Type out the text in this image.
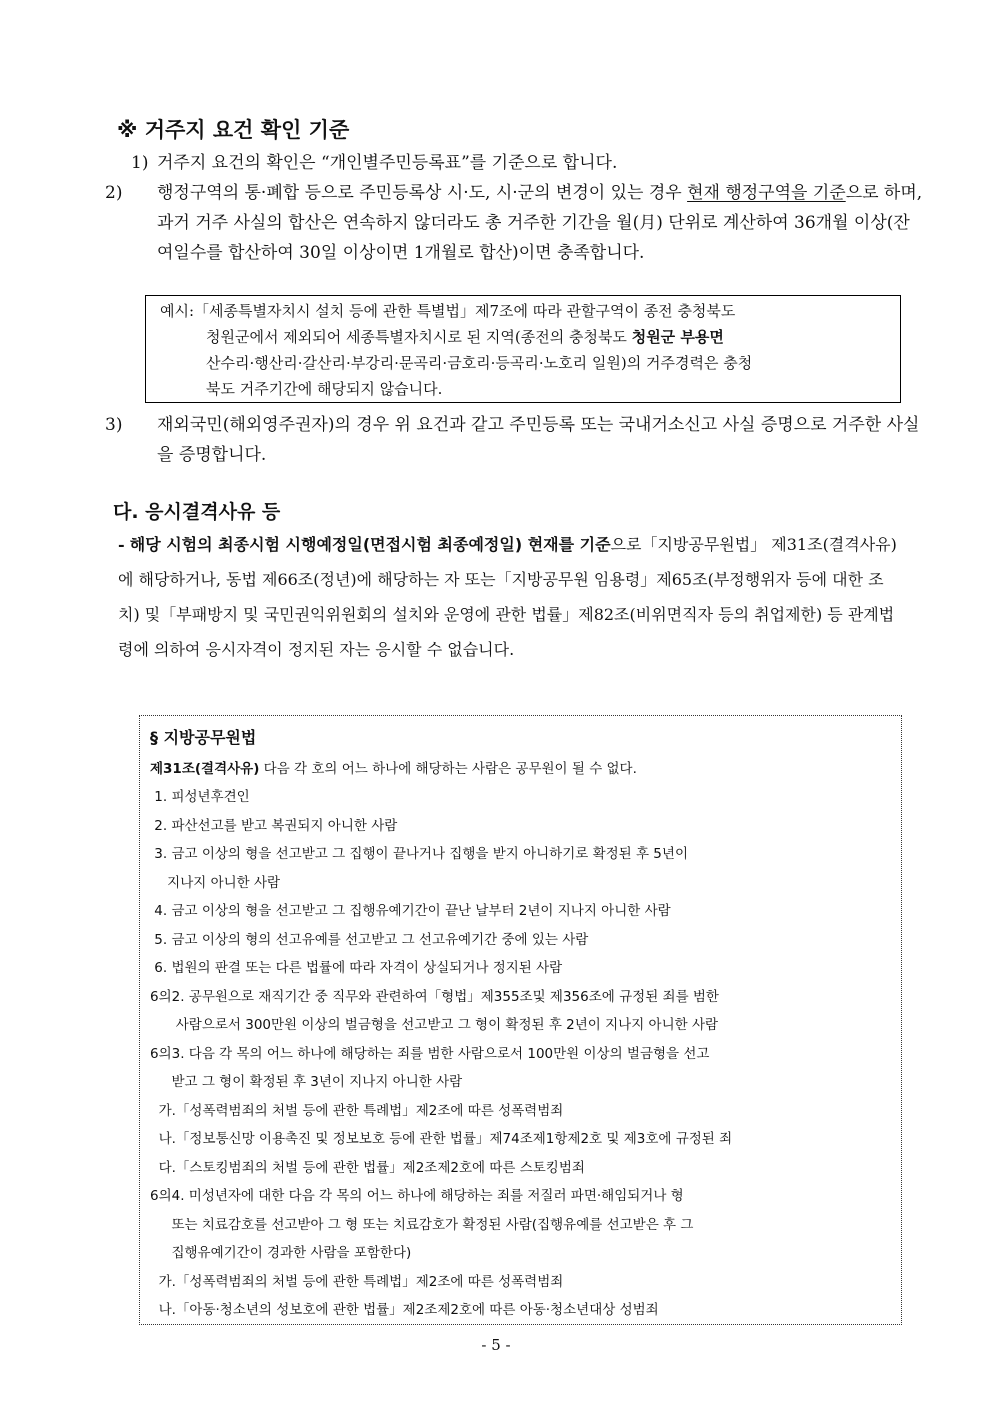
※ 거주지 요건 확인 기준
1) 거주지 요건의 확인은 “개인별주민등록표”를 기준으로 합니다.
2) 행정구역의 통·폐합 등으로 주민등록상 시·도, 시·군의 변경이 있는 경우 현재 행정구역을 기준으로 하며, 과거 거주 사실의 합산은 연속하지 않더라도 총 거주한 기간을 월(月) 단위로 계산하여 36개월 이상(잔여일수를 합산하여 30일 이상이면 1개월로 합산)이면 충족합니다.
예시:「세종특별자치시 설치 등에 관한 특별법」제7조에 따라 관할구역이 종전 충청북도
청원군에서 제외되어 세종특별자치시로 된 지역(종전의 충청북도 청원군 부용면
산수리·행산리·갈산리·부강리·문곡리·금호리·등곡리·노호리 일원)의 거주경력은 충청
북도 거주기간에 해당되지 않습니다.
3) 재외국민(해외영주권자)의 경우 위 요건과 같고 주민등록 또는 국내거소신고 사실 증명으로 거주한 사실을 증명합니다.
다. 응시결격사유 등
- 해당 시험의 최종시험 시행예정일(면접시험 최종예정일) 현재를 기준으로「지방공무원법」 제31조(결격사유)에 해당하거나, 동법 제66조(정년)에 해당하는 자 또는「지방공무원 임용령」제65조(부정행위자 등에 대한 조치) 및「부패방지 및 국민권익위원회의 설치와 운영에 관한 법률」제82조(비위면직자 등의 취업제한) 등 관계법령에 의하여 응시자격이 정지된 자는 응시할 수 없습니다.
§ 지방공무원법
제31조(결격사유) 다음 각 호의 어느 하나에 해당하는 사람은 공무원이 될 수 없다.
1. 피성년후견인
2. 파산선고를 받고 복권되지 아니한 사람
3. 금고 이상의 형을 선고받고 그 집행이 끝나거나 집행을 받지 아니하기로 확정된 후 5년이
지나지 아니한 사람
4. 금고 이상의 형을 선고받고 그 집행유예기간이 끝난 날부터 2년이 지나지 아니한 사람
5. 금고 이상의 형의 선고유예를 선고받고 그 선고유예기간 중에 있는 사람
6. 법원의 판결 또는 다른 법률에 따라 자격이 상실되거나 정지된 사람
6의2. 공무원으로 재직기간 중 직무와 관련하여「형법」제355조및 제356조에 규정된 죄를 범한
사람으로서 300만원 이상의 벌금형을 선고받고 그 형이 확정된 후 2년이 지나지 아니한 사람
6의3. 다음 각 목의 어느 하나에 해당하는 죄를 범한 사람으로서 100만원 이상의 벌금형을 선고
받고 그 형이 확정된 후 3년이 지나지 아니한 사람
가.「성폭력범죄의 처벌 등에 관한 특례법」제2조에 따른 성폭력범죄
나.「정보통신망 이용촉진 및 정보보호 등에 관한 법률」제74조제1항제2호 및 제3호에 규정된 죄
다.「스토킹범죄의 처벌 등에 관한 법률」제2조제2호에 따른 스토킹범죄
6의4. 미성년자에 대한 다음 각 목의 어느 하나에 해당하는 죄를 저질러 파면·해임되거나 형
또는 치료감호를 선고받아 그 형 또는 치료감호가 확정된 사람(집행유예를 선고받은 후 그
집행유예기간이 경과한 사람을 포함한다)
가.「성폭력범죄의 처벌 등에 관한 특례법」제2조에 따른 성폭력범죄
나.「아동·청소년의 성보호에 관한 법률」제2조제2호에 따른 아동·청소년대상 성범죄
- 5 -
